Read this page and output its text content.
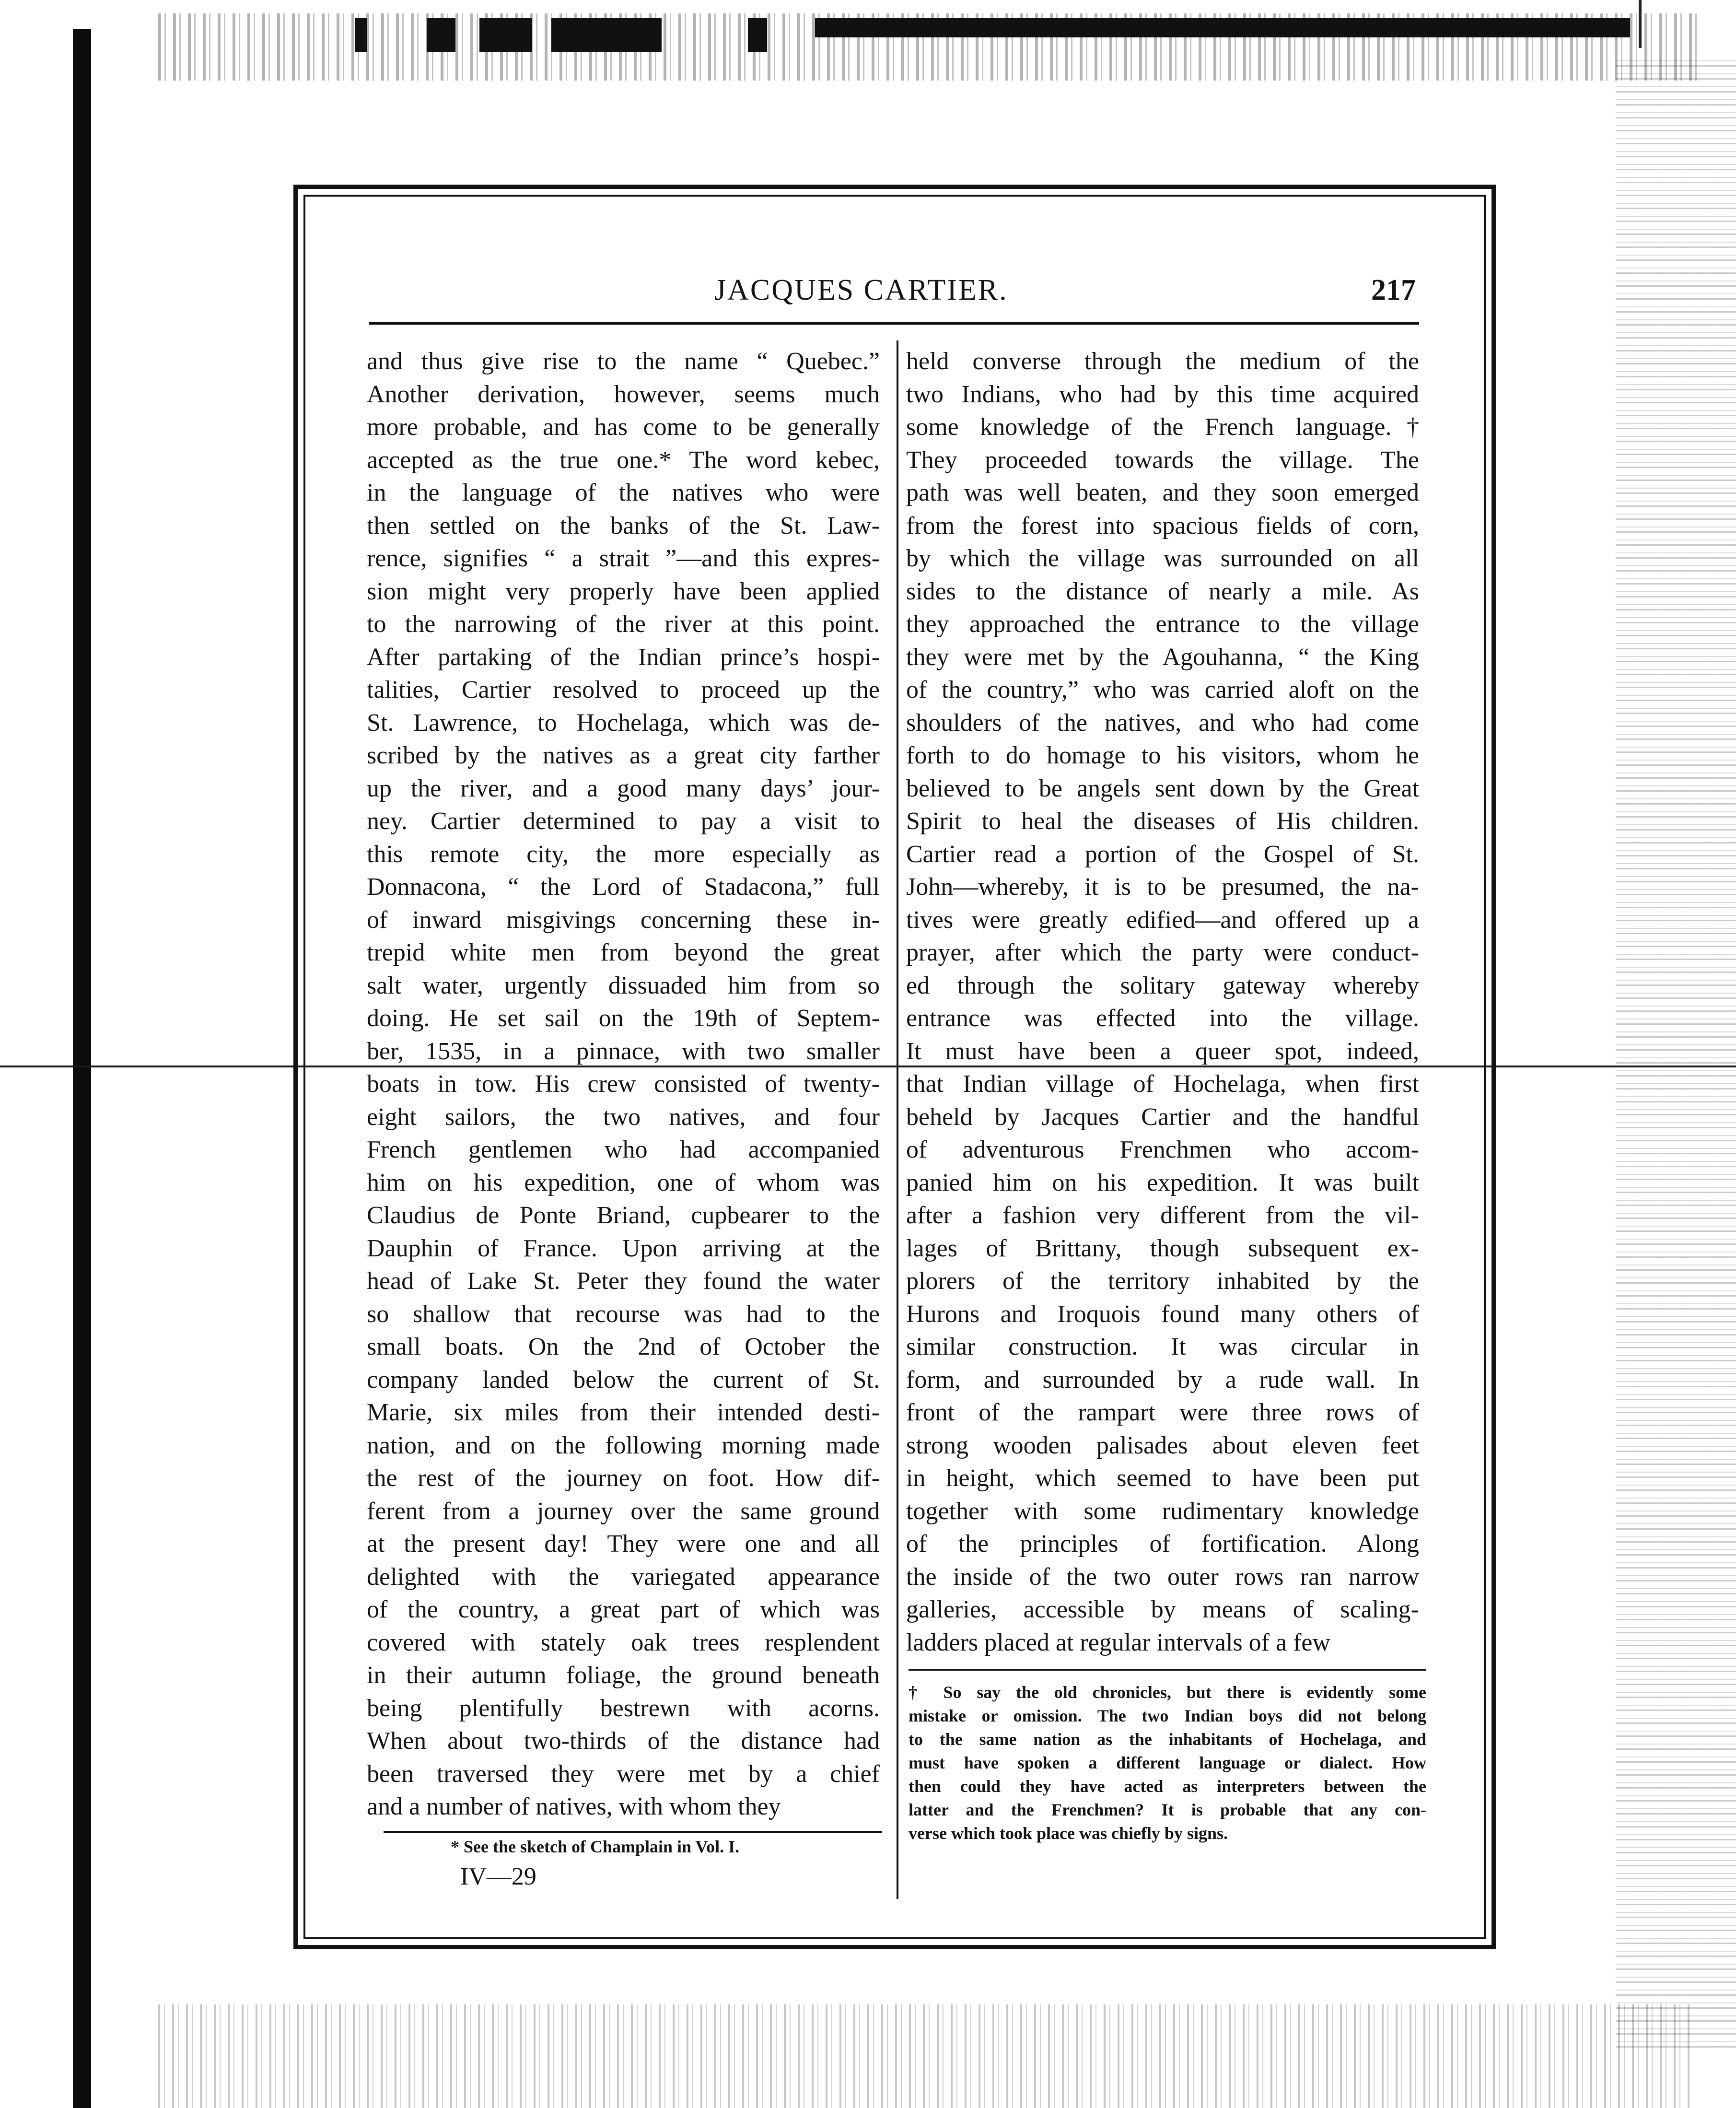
JACQUES CARTIER.	217
and thus give rise to the name “ Quebec.”
Another derivation, however, seems much
more probable, and has come to be generally
accepted as the true one.* The word kebec,
in the language of the natives who were
then settled on the banks of the St. Law-
rence, signifies “ a strait ”—and this expres-
sion might very properly have been applied
to the narrowing of the river at this point.
After partaking of the Indian prince’s hospi-
talities, Cartier resolved to proceed up the
St. Lawrence, to Hochelaga, which was de-
scribed by the natives as a great city farther
up the river, and a good many days’ jour-
ney. Cartier determined to pay a visit to
this remote city, the more especially as
Donnacona, “ the Lord of Stadacona,” full
of inward misgivings concerning these in-
trepid white men from beyond the great
salt water, urgently dissuaded him from so
doing. He set sail on the 19th of Septem-
ber, 1535, in a pinnace, with two smaller
boats in tow. His crew consisted of twenty-
eight sailors, the two natives, and four
French gentlemen who had accompanied
him on his expedition, one of whom was
Claudius de Ponte Briand, cupbearer to the
Dauphin of France. Upon arriving at the
head of Lake St. Peter they found the water
so shallow that recourse was had to the
small boats. On the 2nd of October the
company landed below the current of St.
Marie, six miles from their intended desti-
nation, and on the following morning made
the rest of the journey on foot. How dif-
ferent from a journey over the same ground
at the present day! They were one and all
delighted with the variegated appearance
of the country, a great part of which was
covered with stately oak trees resplendent
in their autumn foliage, the ground beneath
being plentifully bestrewn with acorns.
When about two-thirds of the distance had
been traversed they were met by a chief
and a number of natives, with whom they
held converse through the medium of the
two Indians, who had by this time acquired
some knowledge of the French language.†
They proceeded towards the village. The
path was well beaten, and they soon emerged
from the forest into spacious fields of corn,
by which the village was surrounded on all
sides to the distance of nearly a mile. As
they approached the entrance to the village
they were met by the Agouhanna, “ the King
of the country,” who was carried aloft on the
shoulders of the natives, and who had come
forth to do homage to his visitors, whom he
believed to be angels sent down by the Great
Spirit to heal the diseases of His children.
Cartier read a portion of the Gospel of St.
John—whereby, it is to be presumed, the na-
tives were greatly edified—and offered up a
prayer, after which the party were conduct-
ed through the solitary gateway whereby
entrance was effected into the village.
It must have been a queer spot, indeed,
that Indian village of Hochelaga, when first
beheld by Jacques Cartier and the handful
of adventurous Frenchmen who accom-
panied him on his expedition. It was built
after a fashion very different from the vil-
lages of Brittany, though subsequent ex-
plorers of the territory inhabited by the
Hurons and Iroquois found many others of
similar construction. It was circular in
form, and surrounded by a rude wall. In
front of the rampart were three rows of
strong wooden palisades about eleven feet
in height, which seemed to have been put
together with some rudimentary knowledge
of the principles of fortification. Along
the inside of the two outer rows ran narrow
galleries, accessible by means of scaling-
ladders placed at regular intervals of a few
* See the sketch of Champlain in Vol. I.
IV—29
† So say the old chronicles, but there is evidently some
mistake or omission. The two Indian boys did not belong
to the same nation as the inhabitants of Hochelaga, and
must have spoken a different language or dialect. How
then could they have acted as interpreters between the
latter and the Frenchmen? It is probable that any con-
verse which took place was chiefly by signs.
